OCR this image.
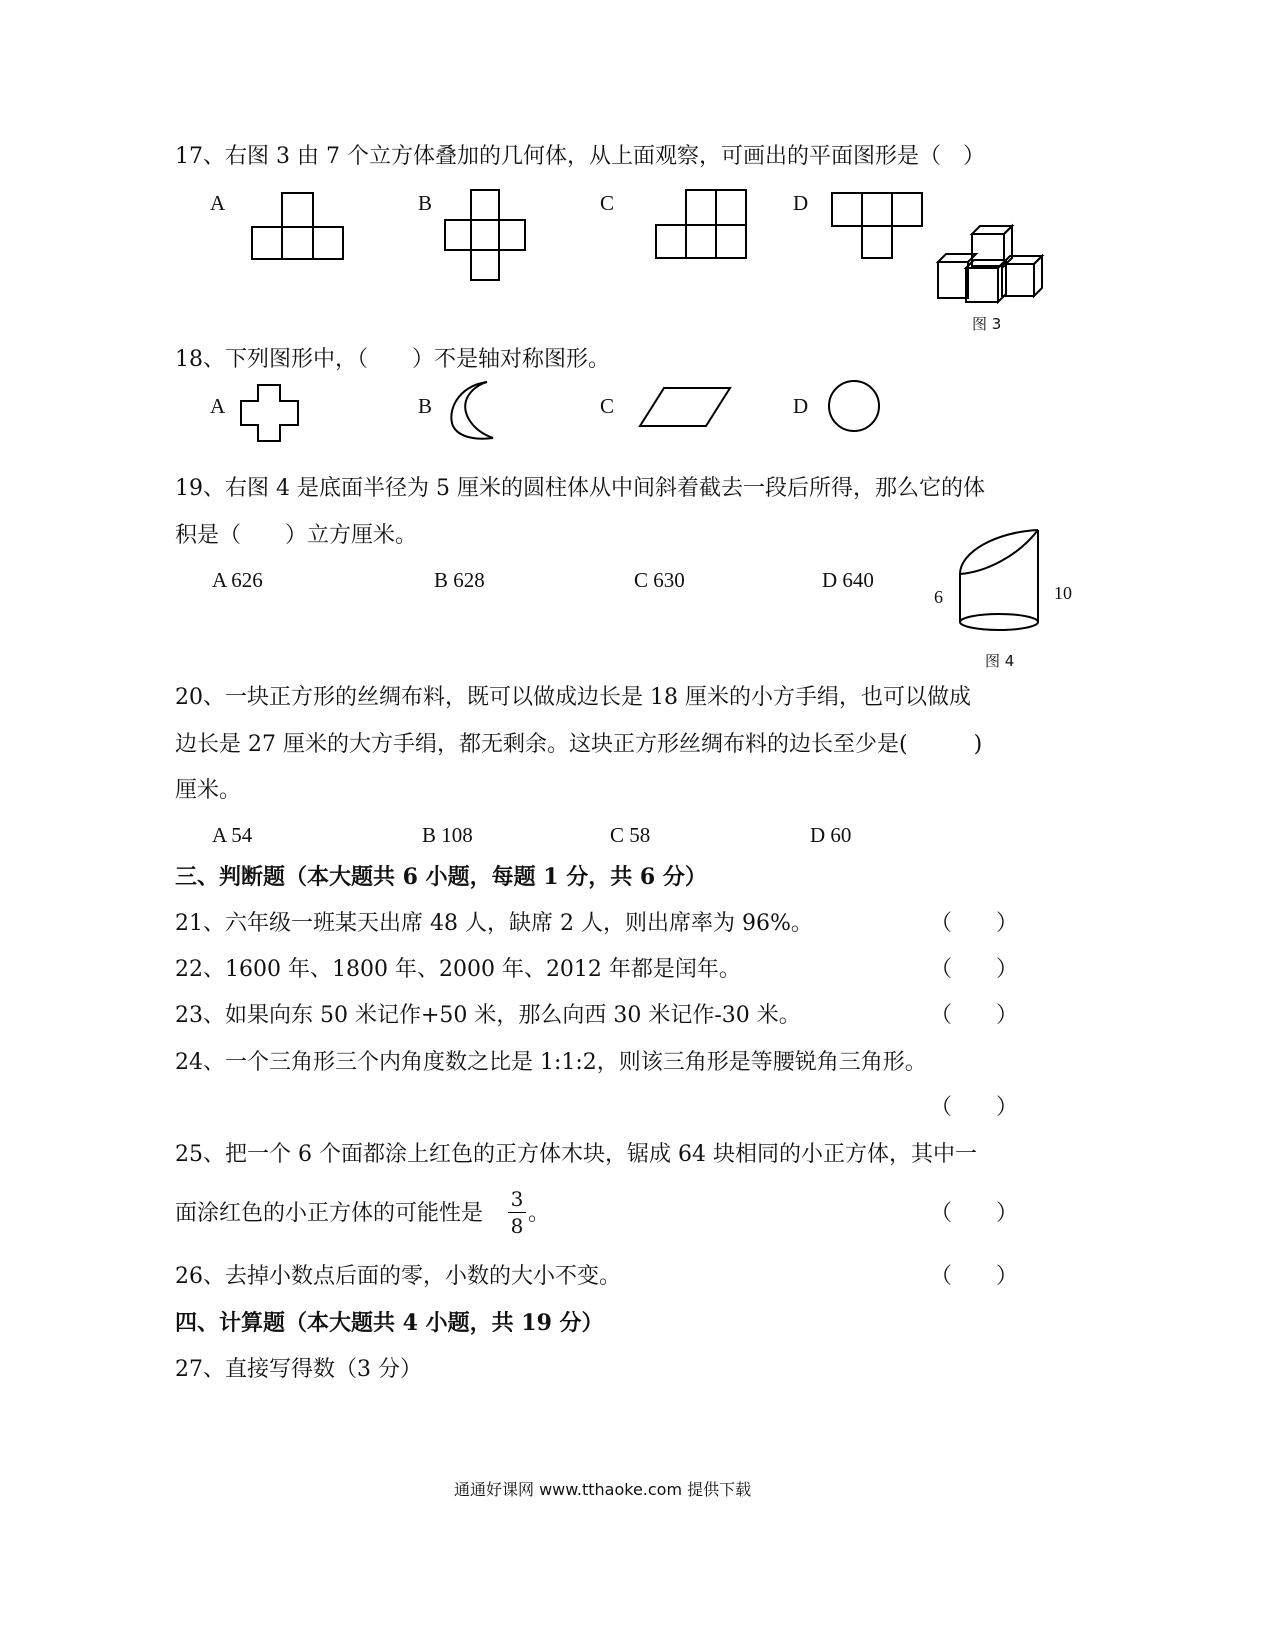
17、右图 3 由 7 个立方体叠加的几何体，从上面观察，可画出的平面图形是（　）
A	B	C	D
图 3
18、下列图形中，（　　）不是轴对称图形。
A	B	C	D
19、右图 4 是底面半径为 5 厘米的圆柱体从中间斜着截去一段后所得，那么它的体
积是（　　）立方厘米。
A 626	B 628	C 630	D 640
6	10
图 4
20、一块正方形的丝绸布料，既可以做成边长是 18 厘米的小方手绢，也可以做成
边长是 27 厘米的大方手绢，都无剩余。这块正方形丝绸布料的边长至少是(　　　)
厘米。
A 54	B 108	C 58	D 60
三、判断题（本大题共 6 小题，每题 1 分，共 6 分）
21、六年级一班某天出席 48 人，缺席 2 人，则出席率为 96%。	（　　）
22、1600 年、1800 年、2000 年、2012 年都是闰年。	（　　）
23、如果向东 50 米记作+50 米，那么向西 30 米记作-30 米。	（　　）
24、一个三角形三个内角度数之比是 1:1:2，则该三角形是等腰锐角三角形。
（　　）
25、把一个 6 个面都涂上红色的正方体木块，锯成 64 块相同的小正方体，其中一
面涂红色的小正方体的可能性是
3
8 。	（　　）
26、去掉小数点后面的零，小数的大小不变。	（　　）
四、计算题（本大题共 4 小题，共 19 分）
27、直接写得数（3 分）
通通好课网 www.tthaoke.com 提供下载
